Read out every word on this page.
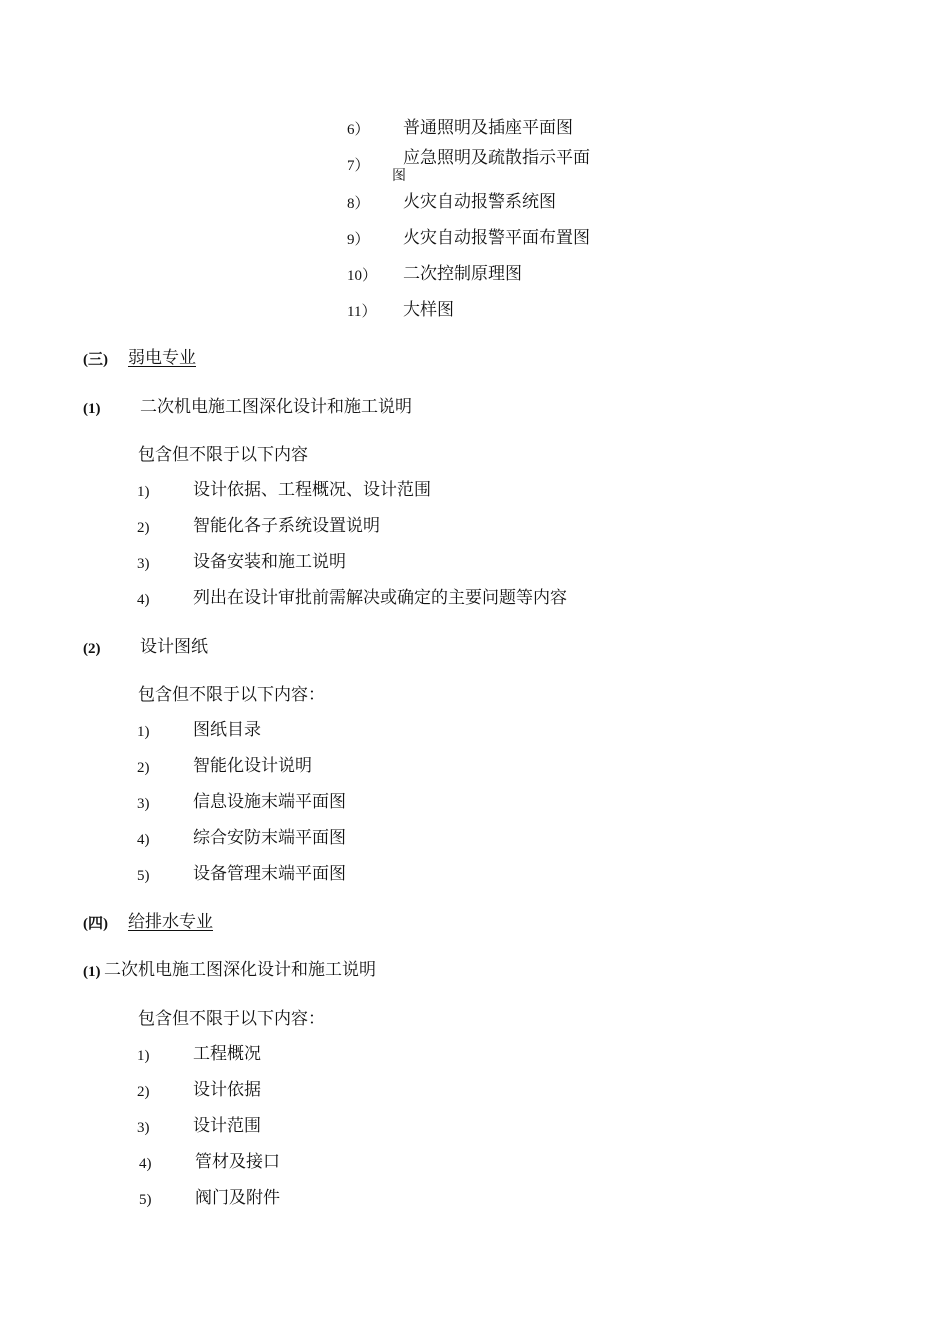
6） 普通照明及插座平面图
7） 应急照明及疏散指示平面
图
8） 火灾自动报警系统图
9） 火灾自动报警平面布置图
10） 二次控制原理图
11） 大样图
(三) 弱电专业
(1) 二次机电施工图深化设计和施工说明
包含但不限于以下内容
1)	设计依据、工程概况、设计范围
2)	智能化各子系统设置说明
3)	设备安装和施工说明
4)	列出在设计审批前需解决或确定的主要问题等内容
(2) 设计图纸
包含但不限于以下内容：
1)	图纸目录
2)	智能化设计说明
3)	信息设施末端平面图
4)	综合安防末端平面图
5)	设备管理末端平面图
(四) 给排水专业
(1) 二次机电施工图深化设计和施工说明
包含但不限于以下内容：
1)	工程概况
2)	设计依据
3)	设计范围
4)	管材及接口
5)	阀门及附件
